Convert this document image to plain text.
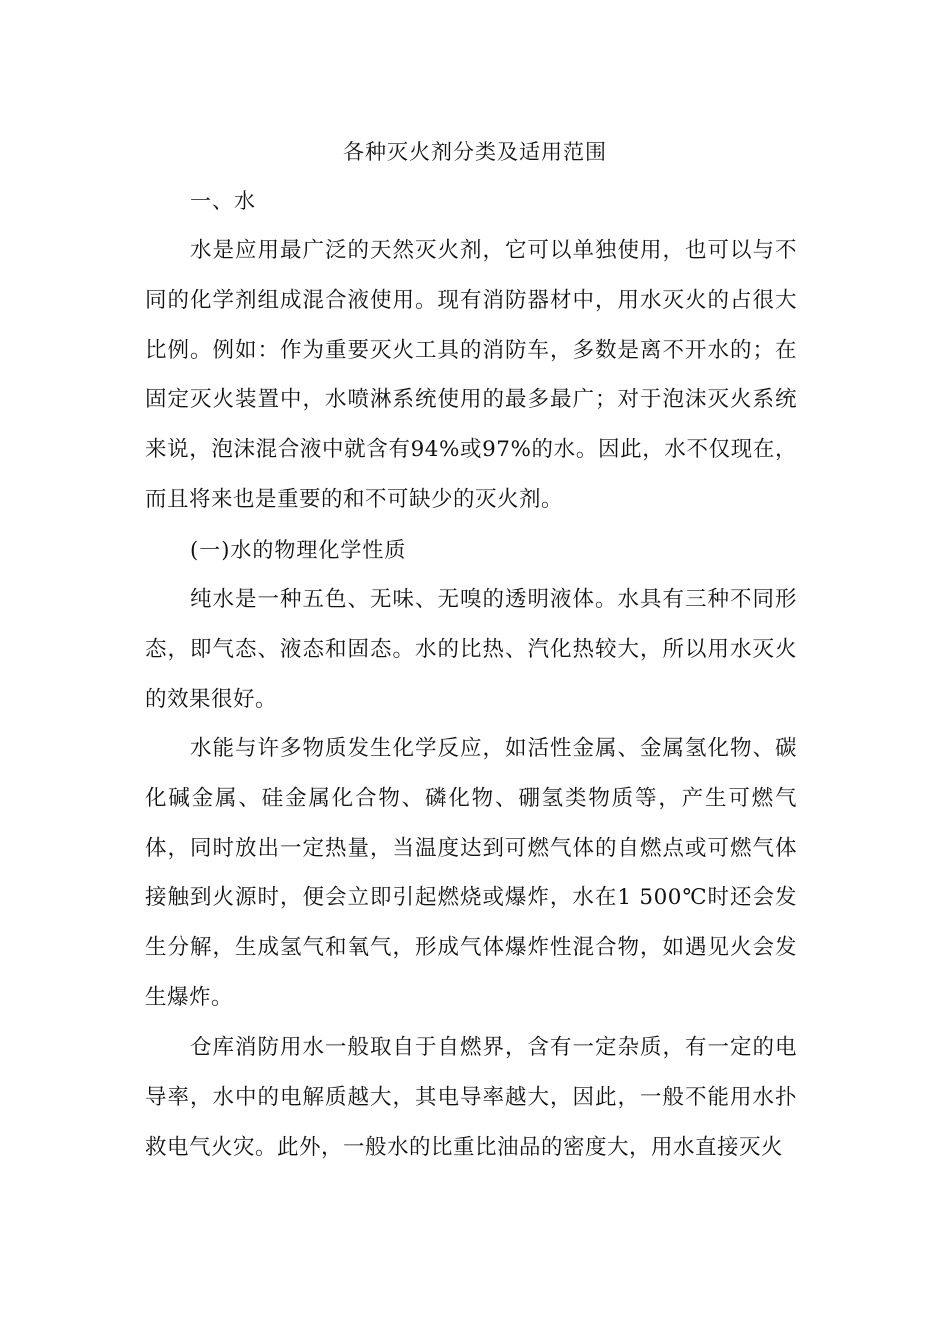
各种灭火剂分类及适用范围
一、水

水是应用最广泛的天然灭火剂，它可以单独使用，也可以与不同的化学剂组成混合液使用。现有消防器材中，用水灭火的占很大比例。例如：作为重要灭火工具的消防车，多数是离不开水的；在固定灭火装置中，水喷淋系统使用的最多最广；对于泡沫灭火系统来说，泡沫混合液中就含有94%或97%的水。因此，水不仅现在，而且将来也是重要的和不可缺少的灭火剂。

(一)水的物理化学性质

纯水是一种五色、无味、无嗅的透明液体。水具有三种不同形态，即气态、液态和固态。水的比热、汽化热较大，所以用水灭火的效果很好。

水能与许多物质发生化学反应，如活性金属、金属氢化物、碳化碱金属、硅金属化合物、磷化物、硼氢类物质等，产生可燃气体，同时放出一定热量，当温度达到可燃气体的自燃点或可燃气体接触到火源时，便会立即引起燃烧或爆炸，水在1 500℃时还会发生分解，生成氢气和氧气，形成气体爆炸性混合物，如遇见火会发生爆炸。

仓库消防用水一般取自于自燃界，含有一定杂质，有一定的电导率，水中的电解质越大，其电导率越大，因此，一般不能用水扑救电气火灾。此外，一般水的比重比油品的密度大，用水直接灭火
